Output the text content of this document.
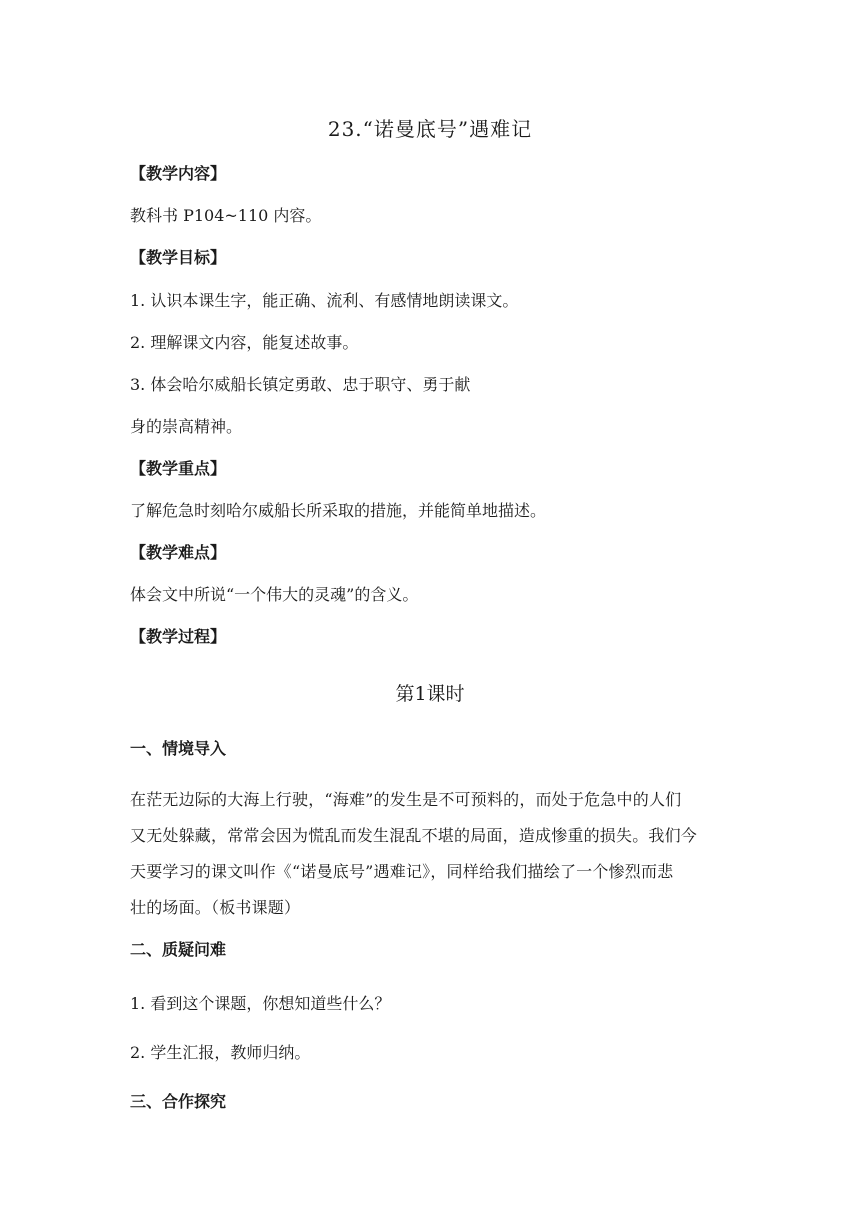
23.“诺曼底号”遇难记
【教学内容】
教科书 P104~110 内容。
【教学目标】
1. 认识本课生字，能正确、流利、有感情地朗读课文。
2. 理解课文内容，能复述故事。
3. 体会哈尔威船长镇定勇敢、忠于职守、勇于献
身的崇高精神。
【教学重点】
了解危急时刻哈尔威船长所采取的措施，并能简单地描述。
【教学难点】
体会文中所说“一个伟大的灵魂”的含义。
【教学过程】
第1课时
一、情境导入
在茫无边际的大海上行驶，“海难”的发生是不可预料的，而处于危急中的人们
又无处躲藏，常常会因为慌乱而发生混乱不堪的局面，造成惨重的损失。我们今
天要学习的课文叫作《“诺曼底号”遇难记》，同样给我们描绘了一个惨烈而悲
壮的场面。（板书课题）
二、质疑问难
1. 看到这个课题，你想知道些什么？
2. 学生汇报，教师归纳。
三、合作探究
